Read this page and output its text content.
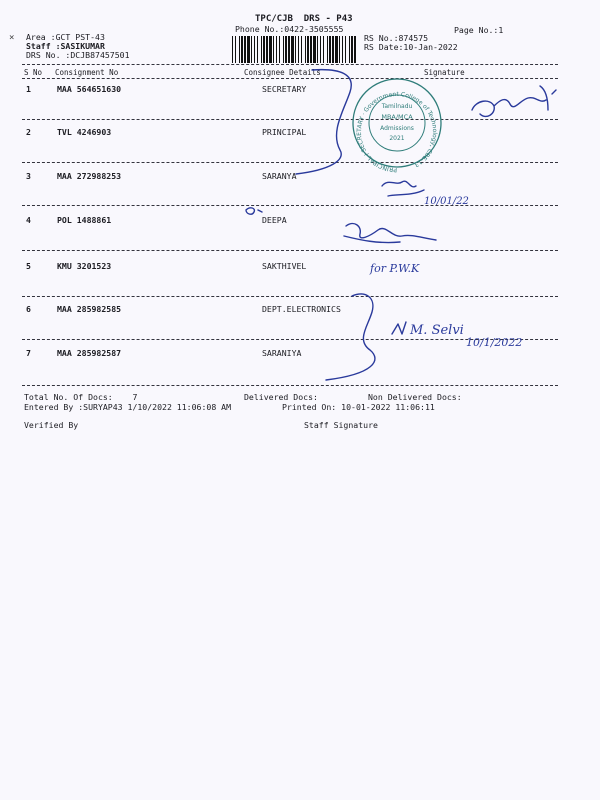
TPC/CJB  DRS - P43
Phone No.:0422-3505555	Page No.:1
× Area :GCT PST-43
Staff :SASIKUMAR
DRS No. :DCJB87457501
RS No.:874575
RS Date:10-Jan-2022
S No Consignment No	Consignee Details	Signature
1	MAA 564651630	SECRETARY
2	TVL 4246903	PRINCIPAL
3	MAA 272988253	SARANYA
4	POL 1488861	DEEPA
5	KMU 3201523	SAKTHIVEL
6	MAA 285982585	DEPT.ELECTRONICS
7	MAA 285982587	SARANIYA
Total No. Of Docs:    7	Delivered Docs:	Non Delivered Docs:
Entered By :SURYAP43 1/10/2022 11:06:08 AM	Printed On: 10-01-2022 11:06:11
Verified By	Staff Signature
PRINCIPAL / SECRETARY · Government College of Technology, CBE-13
Tamilnadu
MBA/MCA
Admissions
2021
10/01/22
for P.W.K
M. Selvi
10/1/2022
